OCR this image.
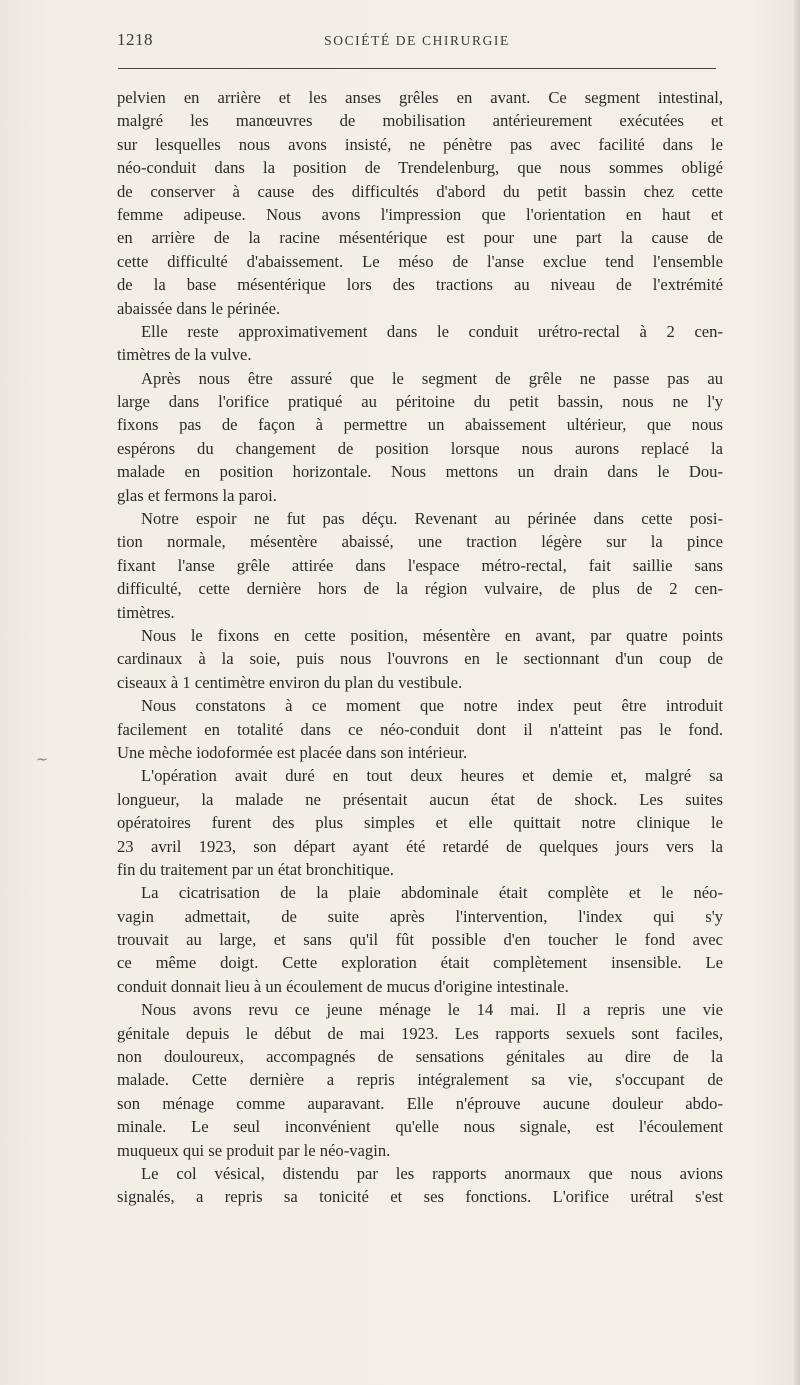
1218	SOCIÉTÉ DE CHIRURGIE
~

pelvien en arrière et les anses grêles en avant. Ce segment intestinal,
malgré les manœuvres de mobilisation antérieurement exécutées et
sur lesquelles nous avons insisté, ne pénètre pas avec facilité dans le
néo-conduit dans la position de Trendelenburg, que nous sommes obligé
de conserver à cause des difficultés d'abord du petit bassin chez cette
femme adipeuse. Nous avons l'impression que l'orientation en haut et
en arrière de la racine mésentérique est pour une part la cause de
cette difficulté d'abaissement. Le méso de l'anse exclue tend l'ensemble
de la base mésentérique lors des tractions au niveau de l'extrémité
abaissée dans le périnée.

Elle reste approximativement dans le conduit urétro-rectal à 2 cen-
timètres de la vulve.

Après nous être assuré que le segment de grêle ne passe pas au
large dans l'orifice pratiqué au péritoine du petit bassin, nous ne l'y
fixons pas de façon à permettre un abaissement ultérieur, que nous
espérons du changement de position lorsque nous aurons replacé la
malade en position horizontale. Nous mettons un drain dans le Dou-
glas et fermons la paroi.

Notre espoir ne fut pas déçu. Revenant au périnée dans cette posi-
tion normale, mésentère abaissé, une traction légère sur la pince
fixant l'anse grêle attirée dans l'espace métro-rectal, fait saillie sans
difficulté, cette dernière hors de la région vulvaire, de plus de 2 cen-
timètres.

Nous le fixons en cette position, mésentère en avant, par quatre points
cardinaux à la soie, puis nous l'ouvrons en le sectionnant d'un coup de
ciseaux à 1 centimètre environ du plan du vestibule.

Nous constatons à ce moment que notre index peut être introduit
facilement en totalité dans ce néo-conduit dont il n'atteint pas le fond.
Une mèche iodoformée est placée dans son intérieur.

L'opération avait duré en tout deux heures et demie et, malgré sa
longueur, la malade ne présentait aucun état de shock. Les suites
opératoires furent des plus simples et elle quittait notre clinique le
23 avril 1923, son départ ayant été retardé de quelques jours vers la
fin du traitement par un état bronchitique.

La cicatrisation de la plaie abdominale était complète et le néo-
vagin admettait, de suite après l'intervention, l'index qui s'y
trouvait au large, et sans qu'il fût possible d'en toucher le fond avec
ce même doigt. Cette exploration était complètement insensible. Le
conduit donnait lieu à un écoulement de mucus d'origine intestinale.

Nous avons revu ce jeune ménage le 14 mai. Il a repris une vie
génitale depuis le début de mai 1923. Les rapports sexuels sont faciles,
non douloureux, accompagnés de sensations génitales au dire de la
malade. Cette dernière a repris intégralement sa vie, s'occupant de
son ménage comme auparavant. Elle n'éprouve aucune douleur abdo-
minale. Le seul inconvénient qu'elle nous signale, est l'écoulement
muqueux qui se produit par le néo-vagin.

Le col vésical, distendu par les rapports anormaux que nous avions
signalés, a repris sa tonicité et ses fonctions. L'orifice urétral s'est
